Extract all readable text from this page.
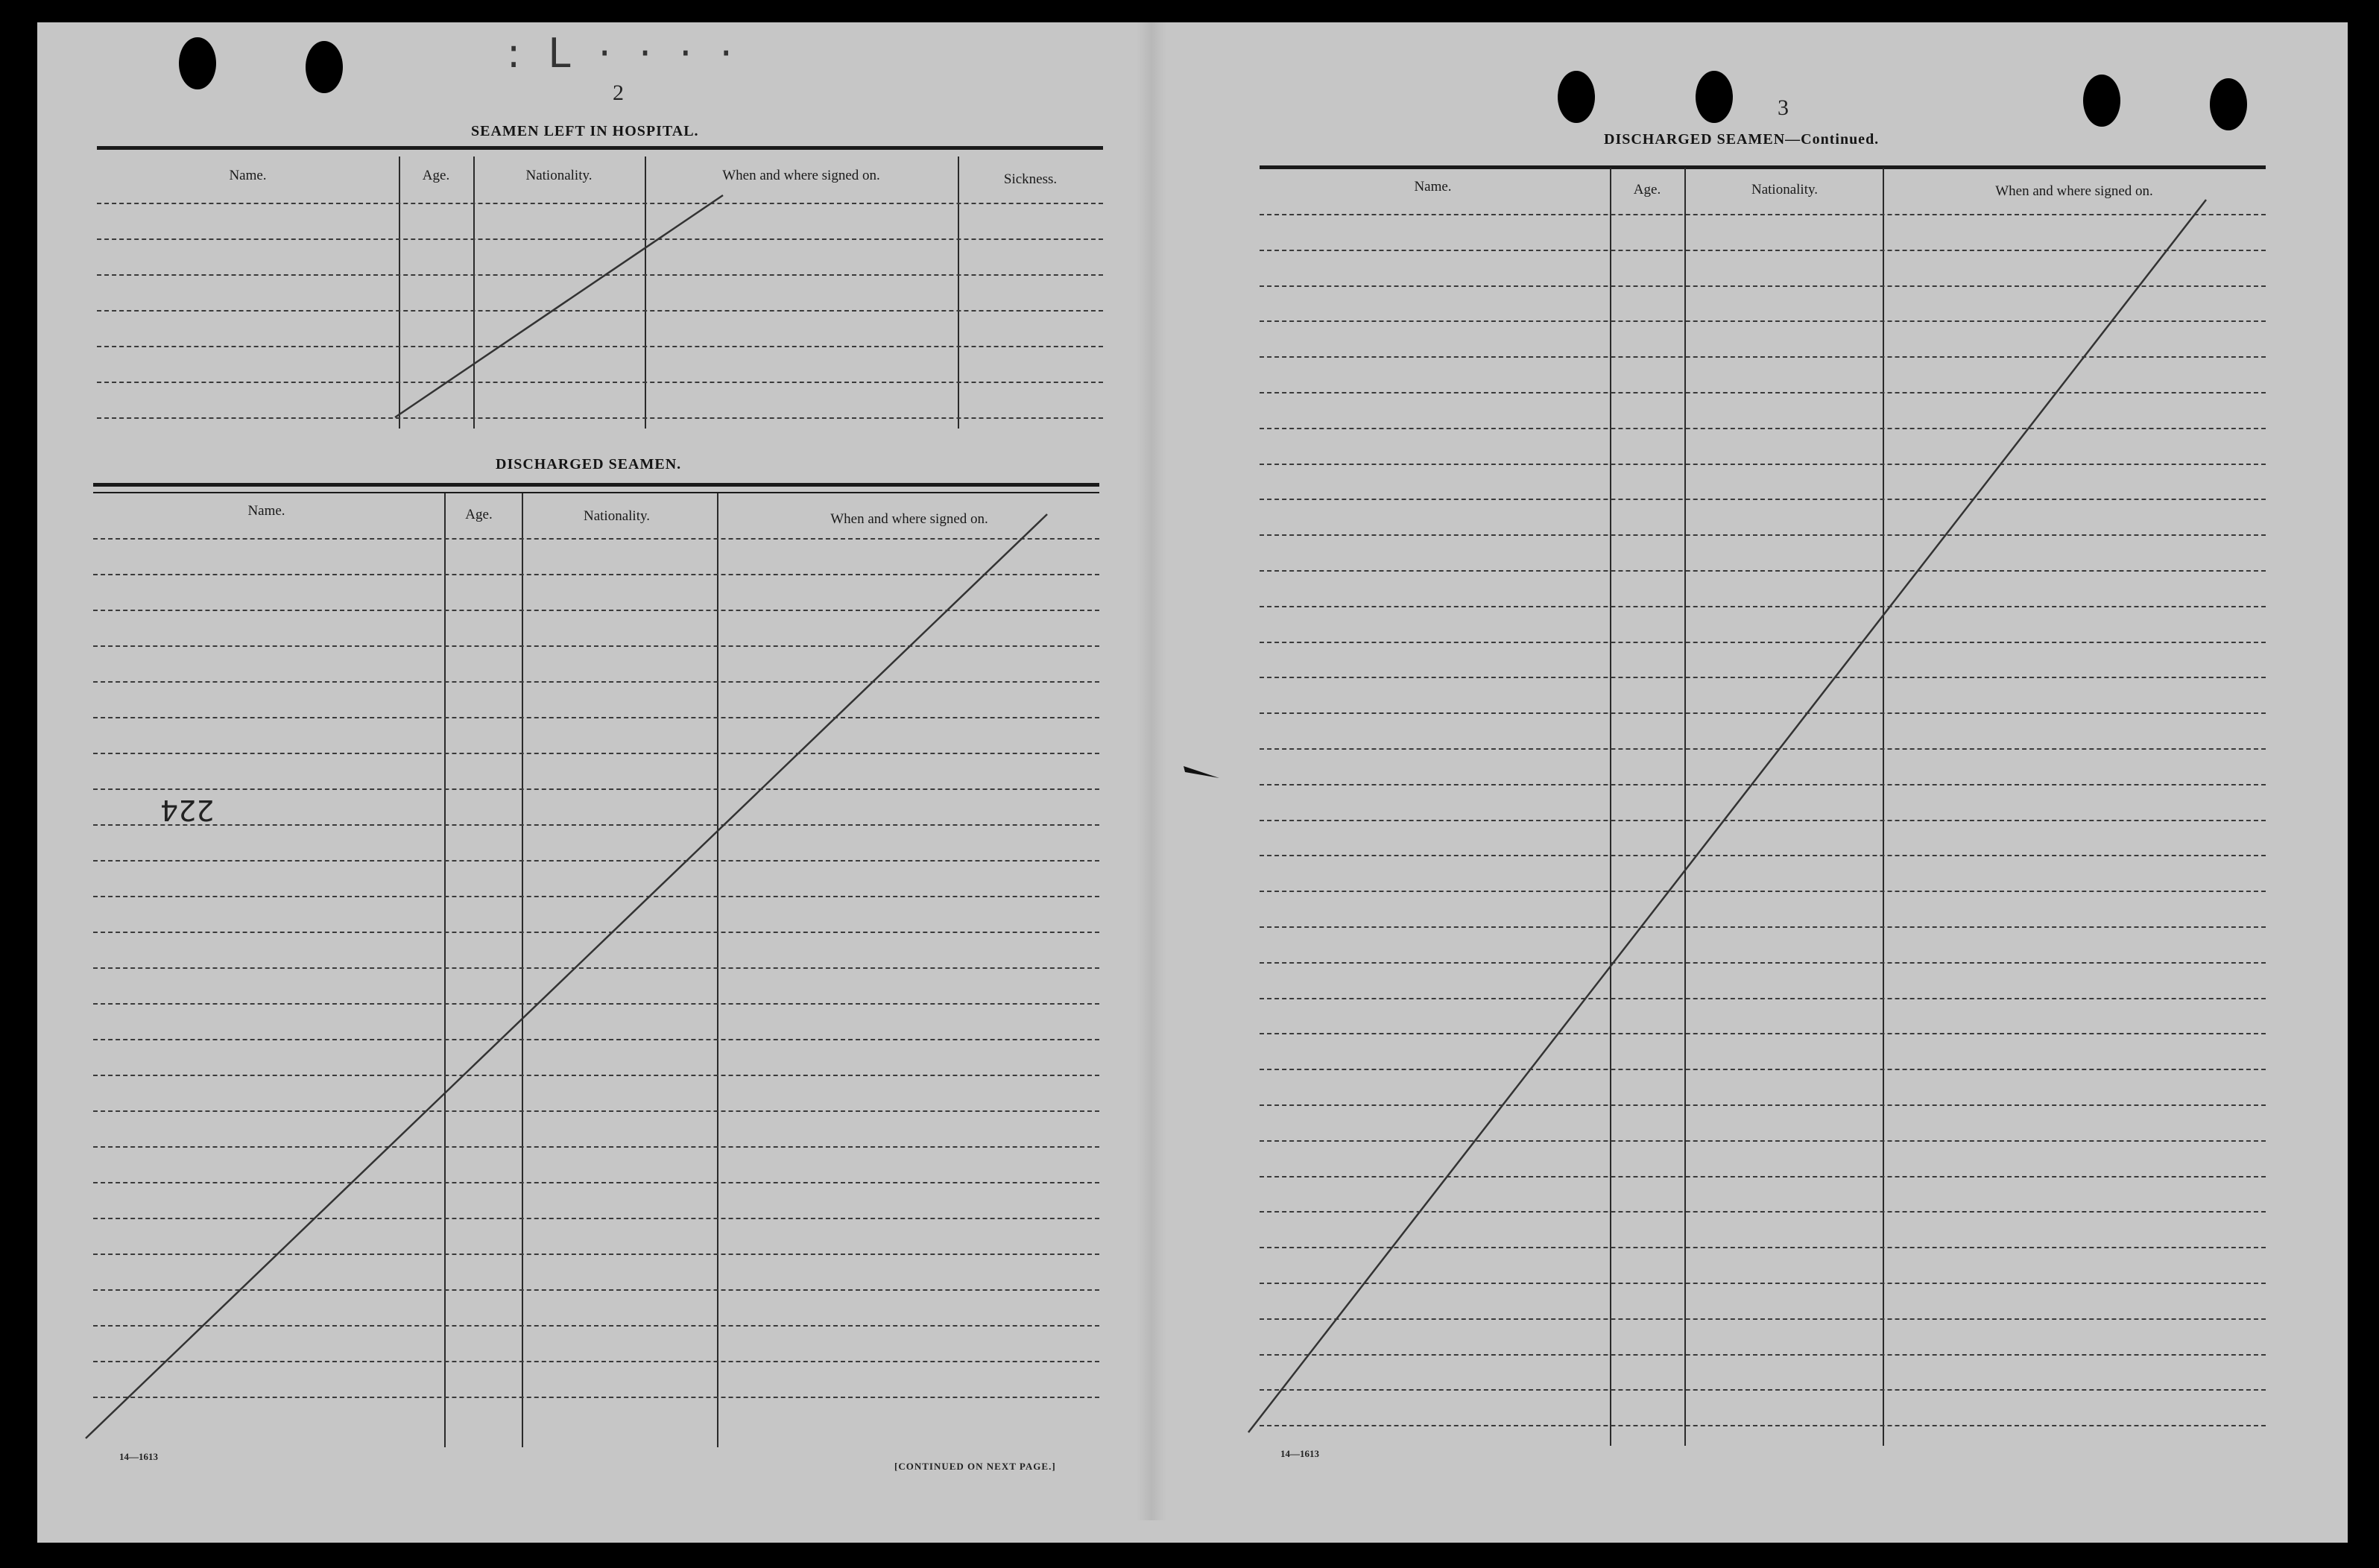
: L · · · ·
2
3
SEAMEN LEFT IN HOSPITAL.
Name.	Age.	Nationality.	When and where signed on.	Sickness.
DISCHARGED SEAMEN.
Name.	Age.	Nationality.	When and where signed on.
224
14—1613
[CONTINUED ON NEXT PAGE.]
DISCHARGED SEAMEN—Continued.
Name.	Age.	Nationality.	When and where signed on.
14—1613
